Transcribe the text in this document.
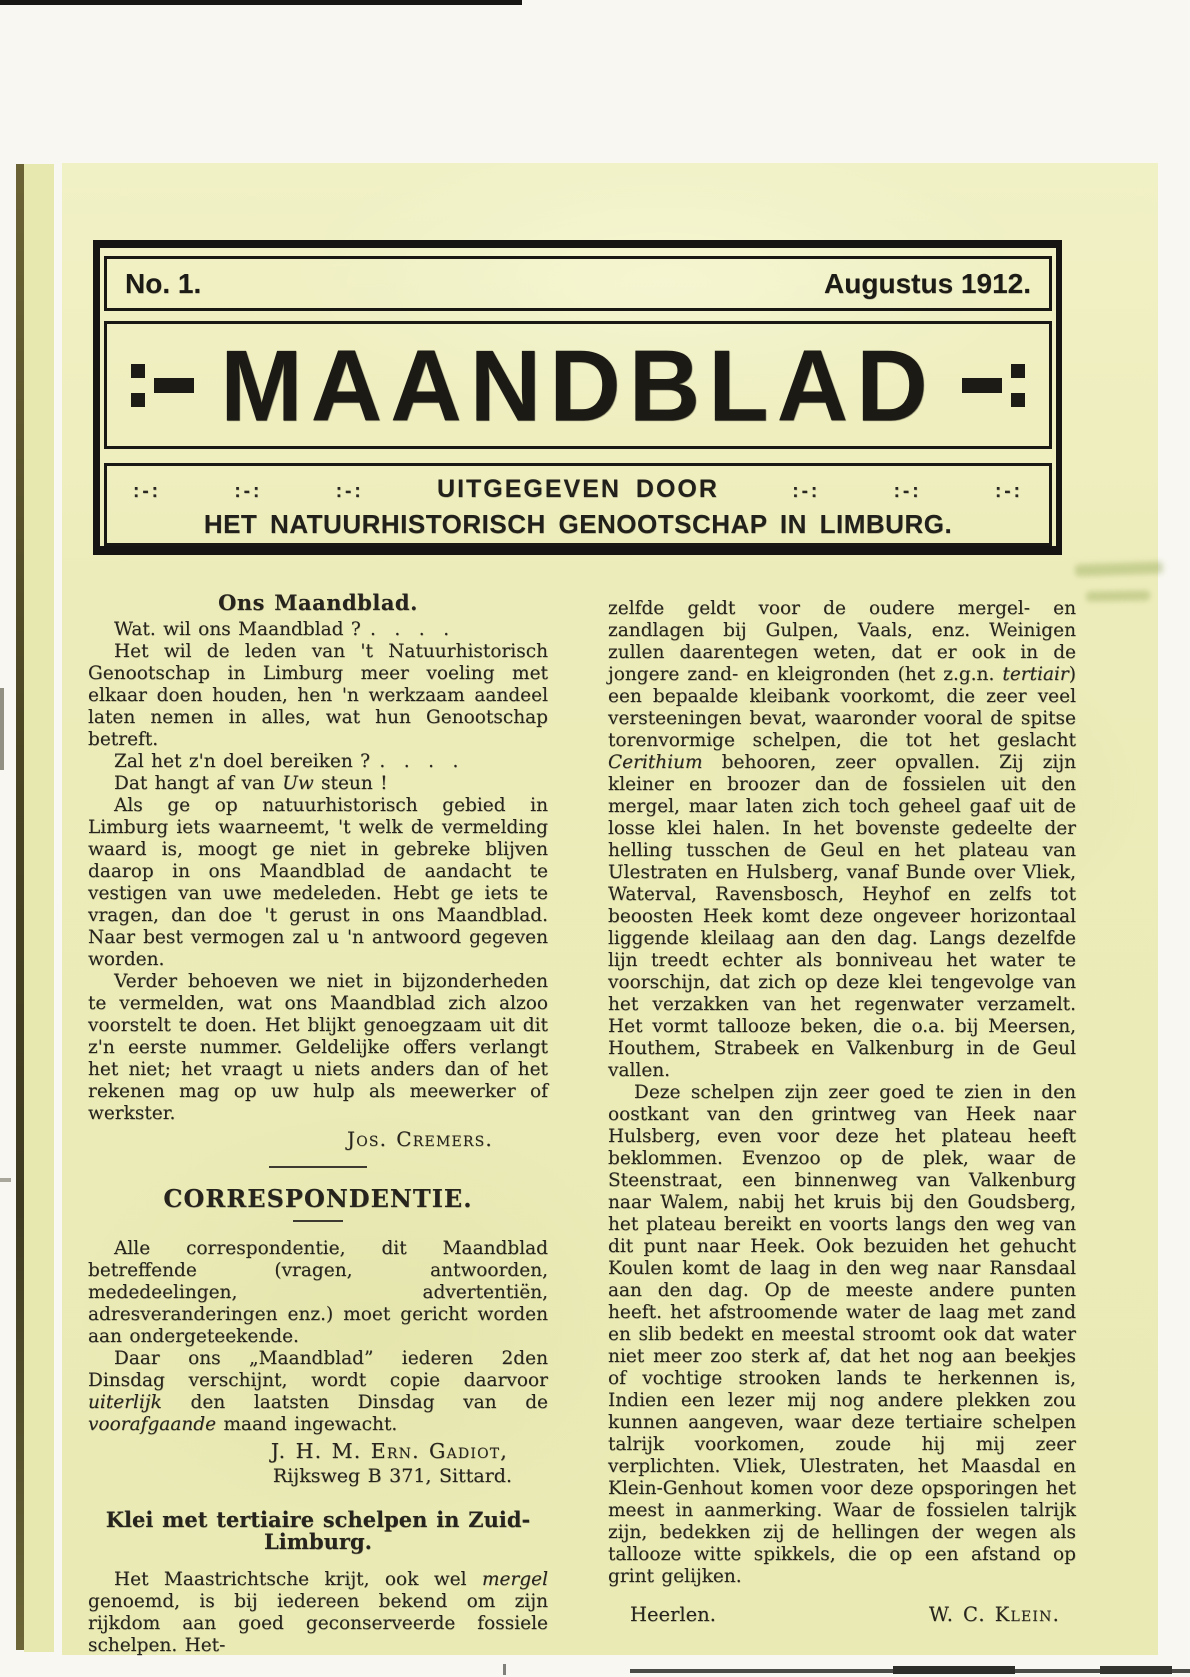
No. 1.	Augustus 1912.
MAANDBLAD
:-:	:-:	:-:	UITGEGEVEN DOOR	:-:	:-:	:-:
HET NATUURHISTORISCH GENOOTSCHAP IN LIMBURG.
Ons Maandblad.

Wat. wil ons Maandblad ? . . . .

Het wil de leden van 't Natuurhistorisch Genootschap in Limburg meer voeling met elkaar doen houden, hen 'n werkzaam aandeel laten nemen in alles, wat hun Genootschap betreft.

Zal het z'n doel bereiken ? . . . .

Dat hangt af van Uw steun !

Als ge op natuurhistorisch gebied in Limburg iets waarneemt, 't welk de vermelding waard is, moogt ge niet in gebreke blijven daarop in ons Maandblad de aandacht te vestigen van uwe medeleden. Hebt ge iets te vragen, dan doe 't gerust in ons Maandblad. Naar best vermogen zal u 'n antwoord gegeven worden.

Verder behoeven we niet in bijzonderheden te vermelden, wat ons Maandblad zich alzoo voorstelt te doen. Het blijkt genoegzaam uit dit z'n eerste nummer. Geldelijke offers verlangt het niet; het vraagt u niets anders dan of het rekenen mag op uw hulp als meewerker of werkster.

Jos. Cremers.
CORRESPONDENTIE.

Alle correspondentie, dit Maandblad betreffende (vragen, antwoorden, mededeelingen, advertentiën, adresveranderingen enz.) moet gericht worden aan ondergeteekende.

Daar ons „Maandblad” iederen 2den Dinsdag verschijnt, wordt copie daarvoor uiterlijk den laatsten Dinsdag van de voorafgaande maand ingewacht.

J. H. M. Ern. Gadiot,
Rijksweg B 371, Sittard.
Klei met tertiaire schelpen in Zuid-Limburg.

Het Maastrichtsche krijt, ook wel mergel genoemd, is bij iedereen bekend om zijn rijkdom aan goed geconserveerde fossiele schelpen. Het-

zelfde geldt voor de oudere mergel- en zandlagen bij Gulpen, Vaals, enz. Weinigen zullen daarentegen weten, dat er ook in de jongere zand- en kleigronden (het z.g.n. tertiair) een bepaalde kleibank voorkomt, die zeer veel versteeningen bevat, waaronder vooral de spitse torenvormige schelpen, die tot het geslacht Cerithium behooren, zeer opvallen. Zij zijn kleiner en broozer dan de fossielen uit den mergel, maar laten zich toch geheel gaaf uit de losse klei halen. In het bovenste gedeelte der helling tusschen de Geul en het plateau van Ulestraten en Hulsberg, vanaf Bunde over Vliek, Waterval, Ravensbosch, Heyhof en zelfs tot beoosten Heek komt deze ongeveer horizontaal liggende kleilaag aan den dag. Langs dezelfde lijn treedt echter als bonniveau het water te voorschijn, dat zich op deze klei tengevolge van het verzakken van het regenwater verzamelt. Het vormt tallooze beken, die o.a. bij Meersen, Houthem, Strabeek en Valkenburg in de Geul vallen.

Deze schelpen zijn zeer goed te zien in den oostkant van den grintweg van Heek naar Hulsberg, even voor deze het plateau heeft beklommen. Evenzoo op de plek, waar de Steenstraat, een binnenweg van Valkenburg naar Walem, nabij het kruis bij den Goudsberg, het plateau bereikt en voorts langs den weg van dit punt naar Heek. Ook bezuiden het gehucht Koulen komt de laag in den weg naar Ransdaal aan den dag. Op de meeste andere punten heeft. het afstroomende water de laag met zand en slib bedekt en meestal stroomt ook dat water niet meer zoo sterk af, dat het nog aan beekjes of vochtige strooken lands te herkennen is, Indien een lezer mij nog andere plekken zou kunnen aangeven, waar deze tertiaire schelpen talrijk voorkomen, zoude hij mij zeer verplichten. Vliek, Ulestraten, het Maasdal en Klein-Genhout komen voor deze opsporingen het meest in aanmerking. Waar de fossielen talrijk zijn, bedekken zij de hellingen der wegen als tallooze witte spikkels, die op een afstand op grint gelijken.

Heerlen.	W. C. Klein.
